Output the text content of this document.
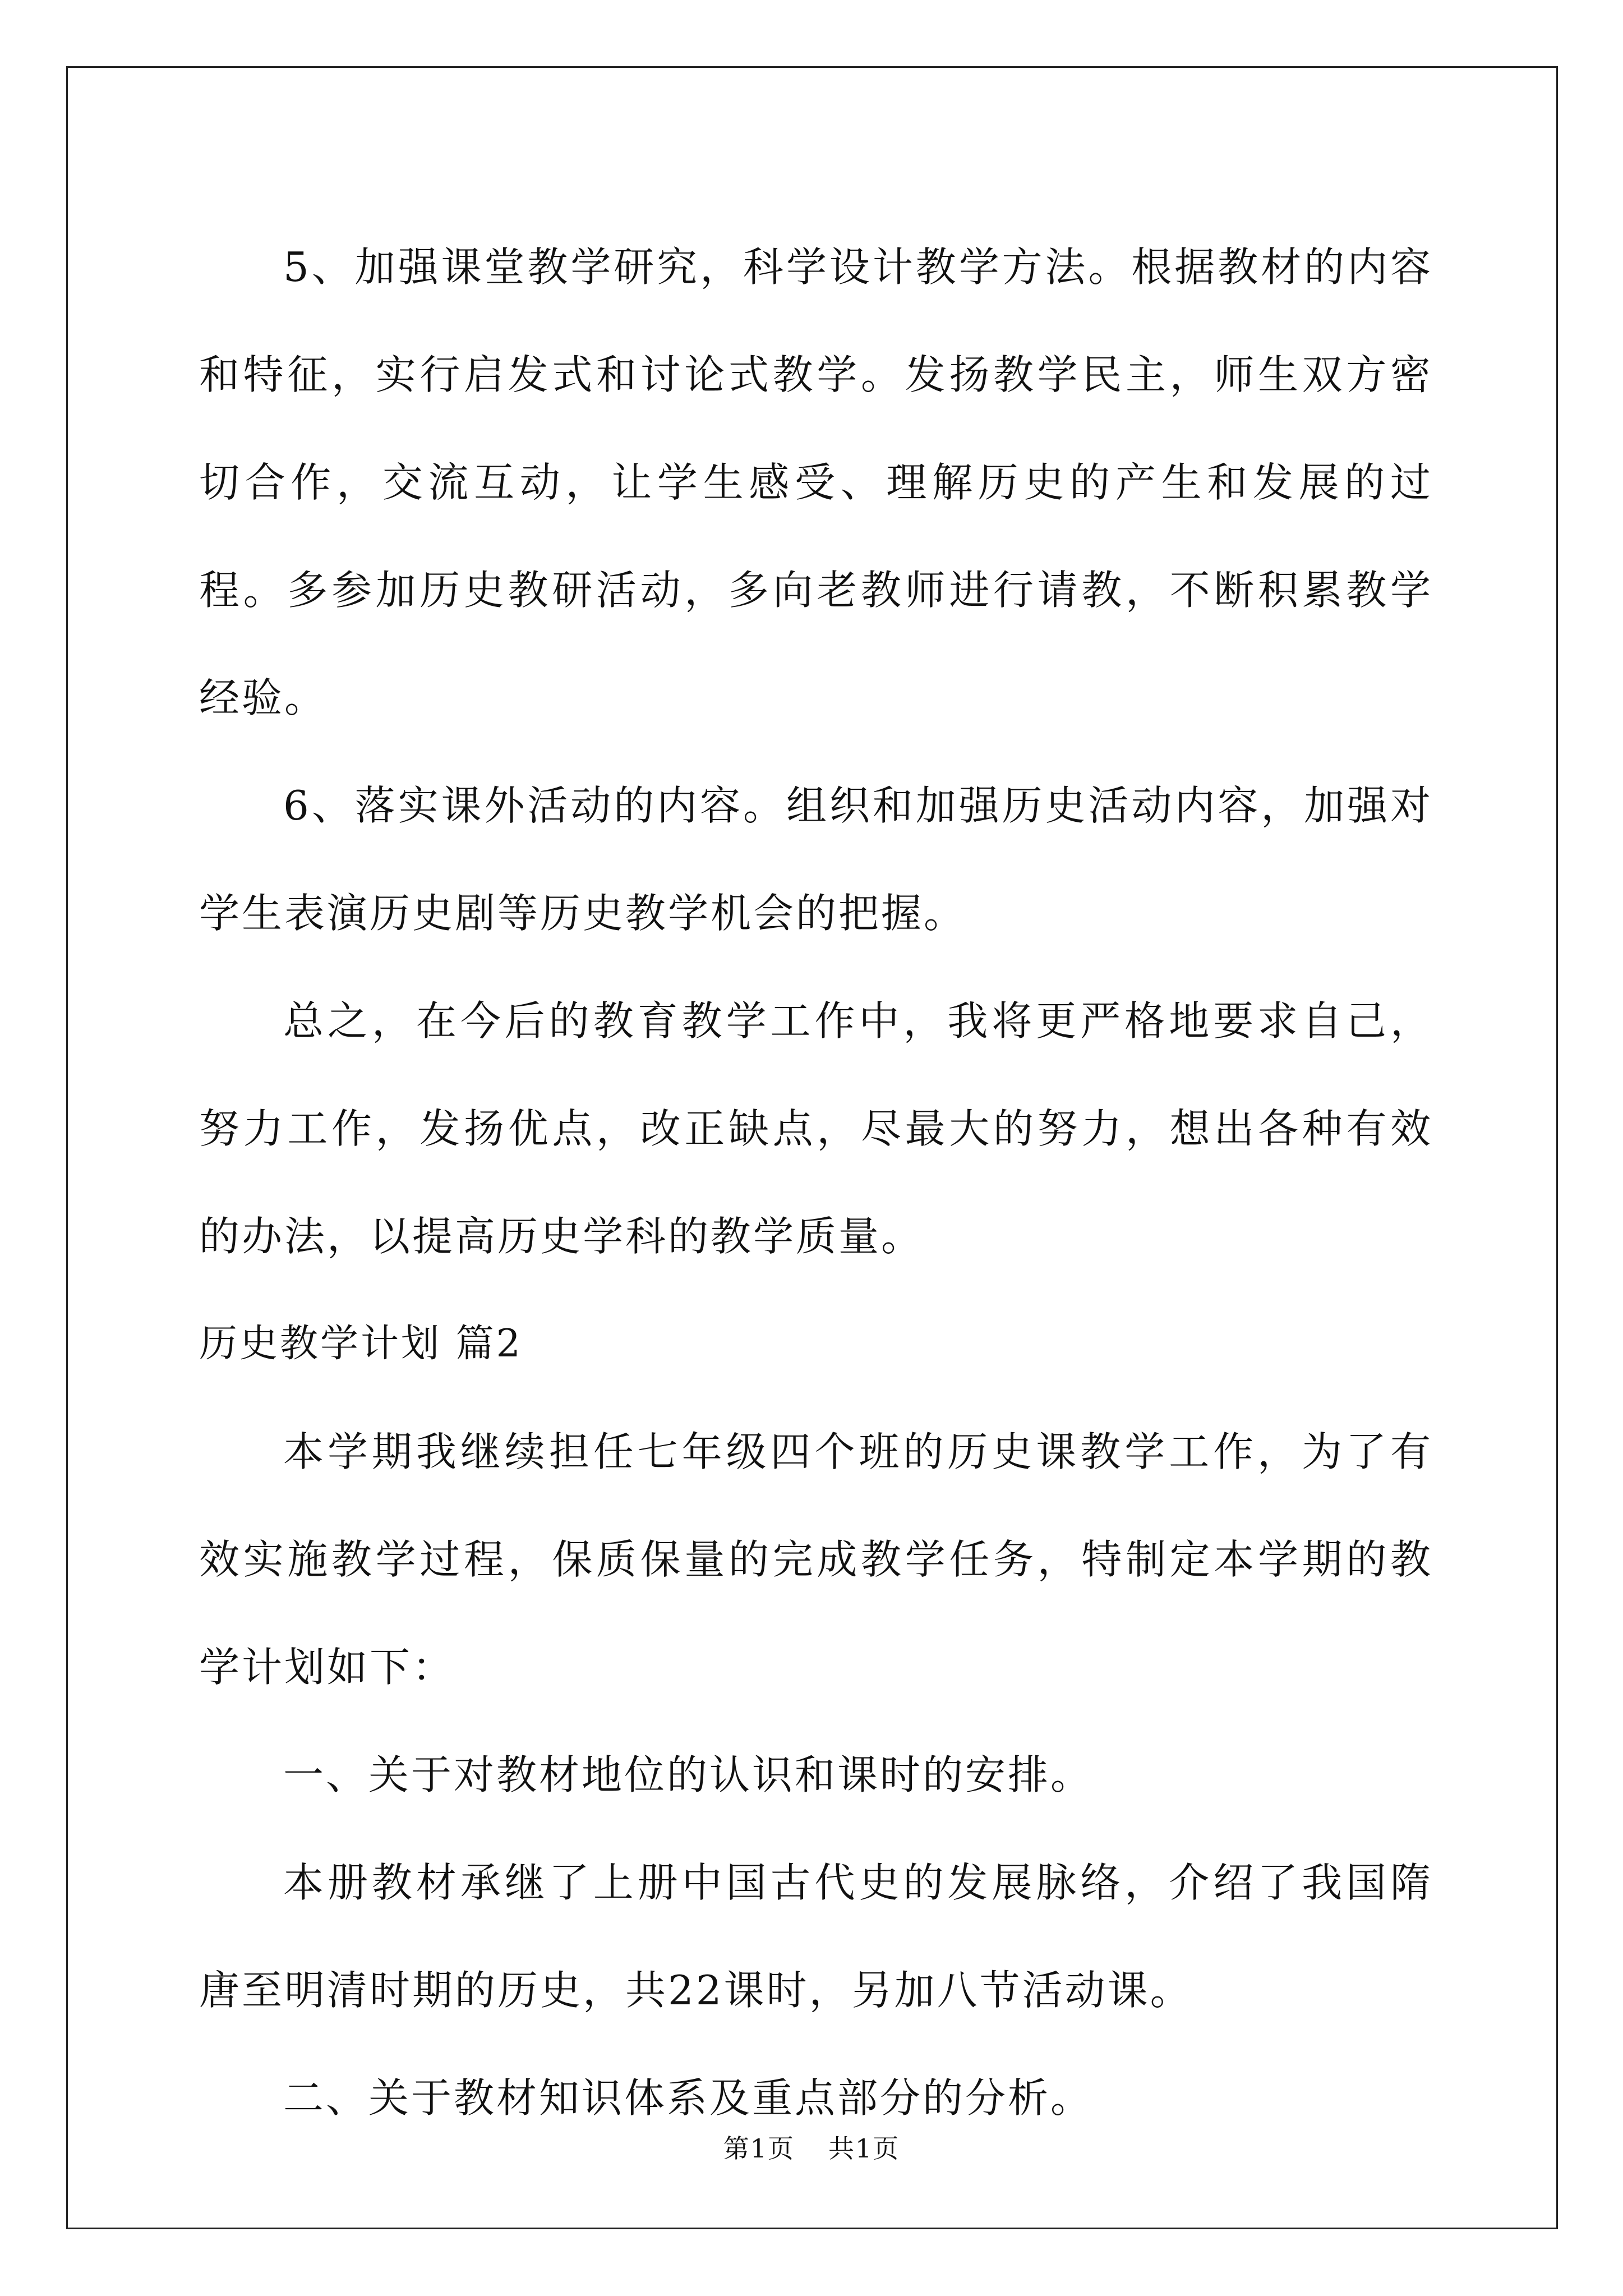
5、加强课堂教学研究，科学设计教学方法。根据教材的内容和特征，实行启发式和讨论式教学。发扬教学民主，师生双方密切合作，交流互动，让学生感受、理解历史的产生和发展的过程。多参加历史教研活动，多向老教师进行请教，不断积累教学经验。

6、落实课外活动的内容。组织和加强历史活动内容，加强对学生表演历史剧等历史教学机会的把握。

总之，在今后的教育教学工作中，我将更严格地要求自己，努力工作，发扬优点，改正缺点，尽最大的努力，想出各种有效的办法，以提高历史学科的教学质量。

历史教学计划 篇2

本学期我继续担任七年级四个班的历史课教学工作，为了有效实施教学过程，保质保量的完成教学任务，特制定本学期的教学计划如下：

一、关于对教材地位的认识和课时的安排。

本册教材承继了上册中国古代史的发展脉络，介绍了我国隋唐至明清时期的历史，共22课时，另加八节活动课。

二、关于教材知识体系及重点部分的分析。

第1页 共1页
